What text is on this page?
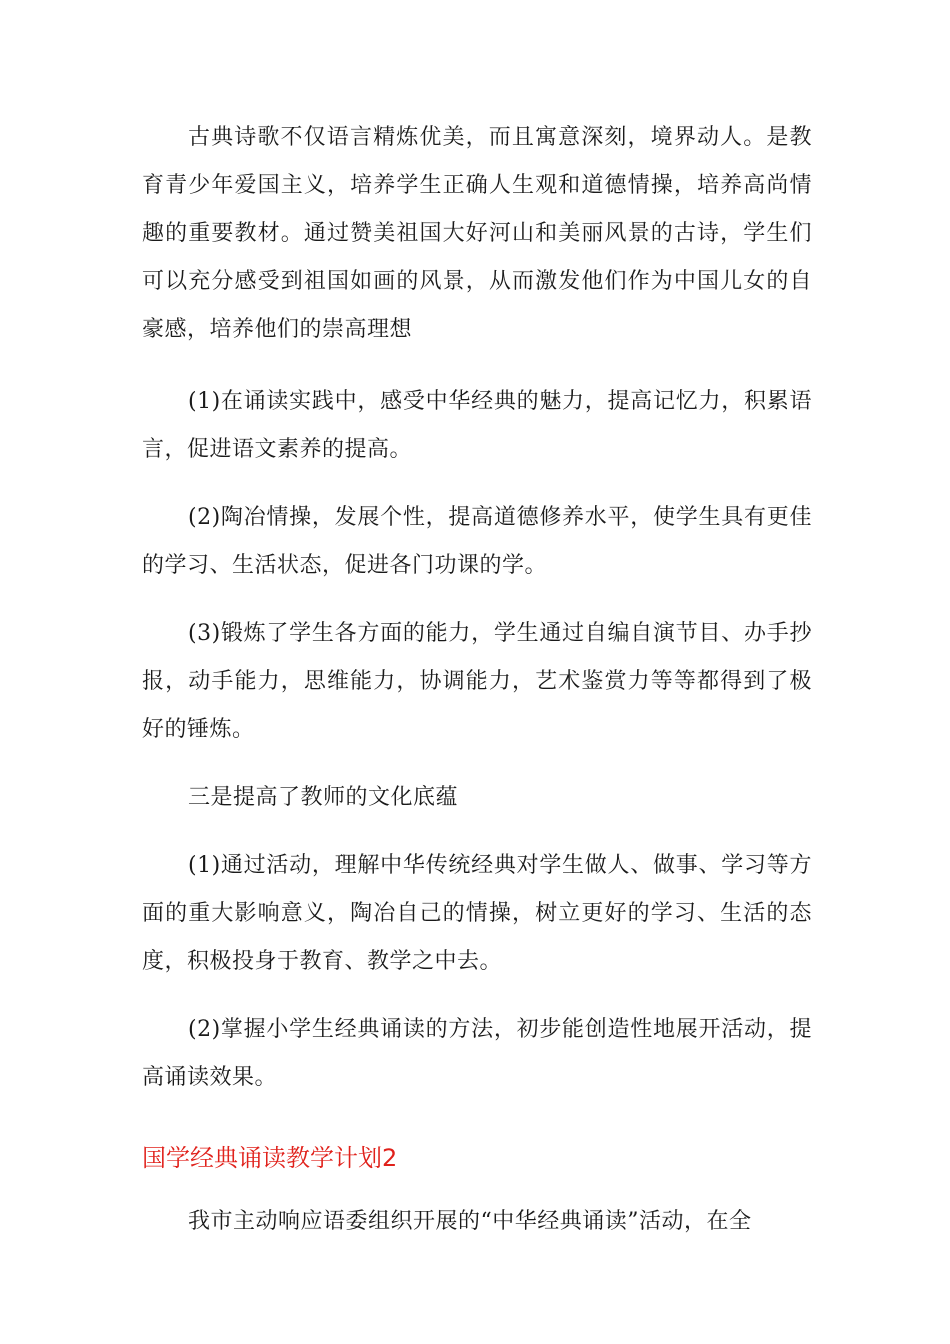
古典诗歌不仅语言精炼优美，而且寓意深刻，境界动人。是教育青少年爱国主义，培养学生正确人生观和道德情操，培养高尚情趣的重要教材。通过赞美祖国大好河山和美丽风景的古诗，学生们可以充分感受到祖国如画的风景，从而激发他们作为中国儿女的自豪感，培养他们的崇高理想

(1)在诵读实践中，感受中华经典的魅力，提高记忆力，积累语言，促进语文素养的提高。

(2)陶冶情操，发展个性，提高道德修养水平，使学生具有更佳的学习、生活状态，促进各门功课的学。

(3)锻炼了学生各方面的能力，学生通过自编自演节目、办手抄报，动手能力，思维能力，协调能力，艺术鉴赏力等等都得到了极好的锤炼。

三是提高了教师的文化底蕴

(1)通过活动，理解中华传统经典对学生做人、做事、学习等方面的重大影响意义，陶冶自己的情操，树立更好的学习、生活的态度，积极投身于教育、教学之中去。

(2)掌握小学生经典诵读的方法，初步能创造性地展开活动，提高诵读效果。

国学经典诵读教学计划2

我市主动响应语委组织开展的“中华经典诵读”活动，在全
